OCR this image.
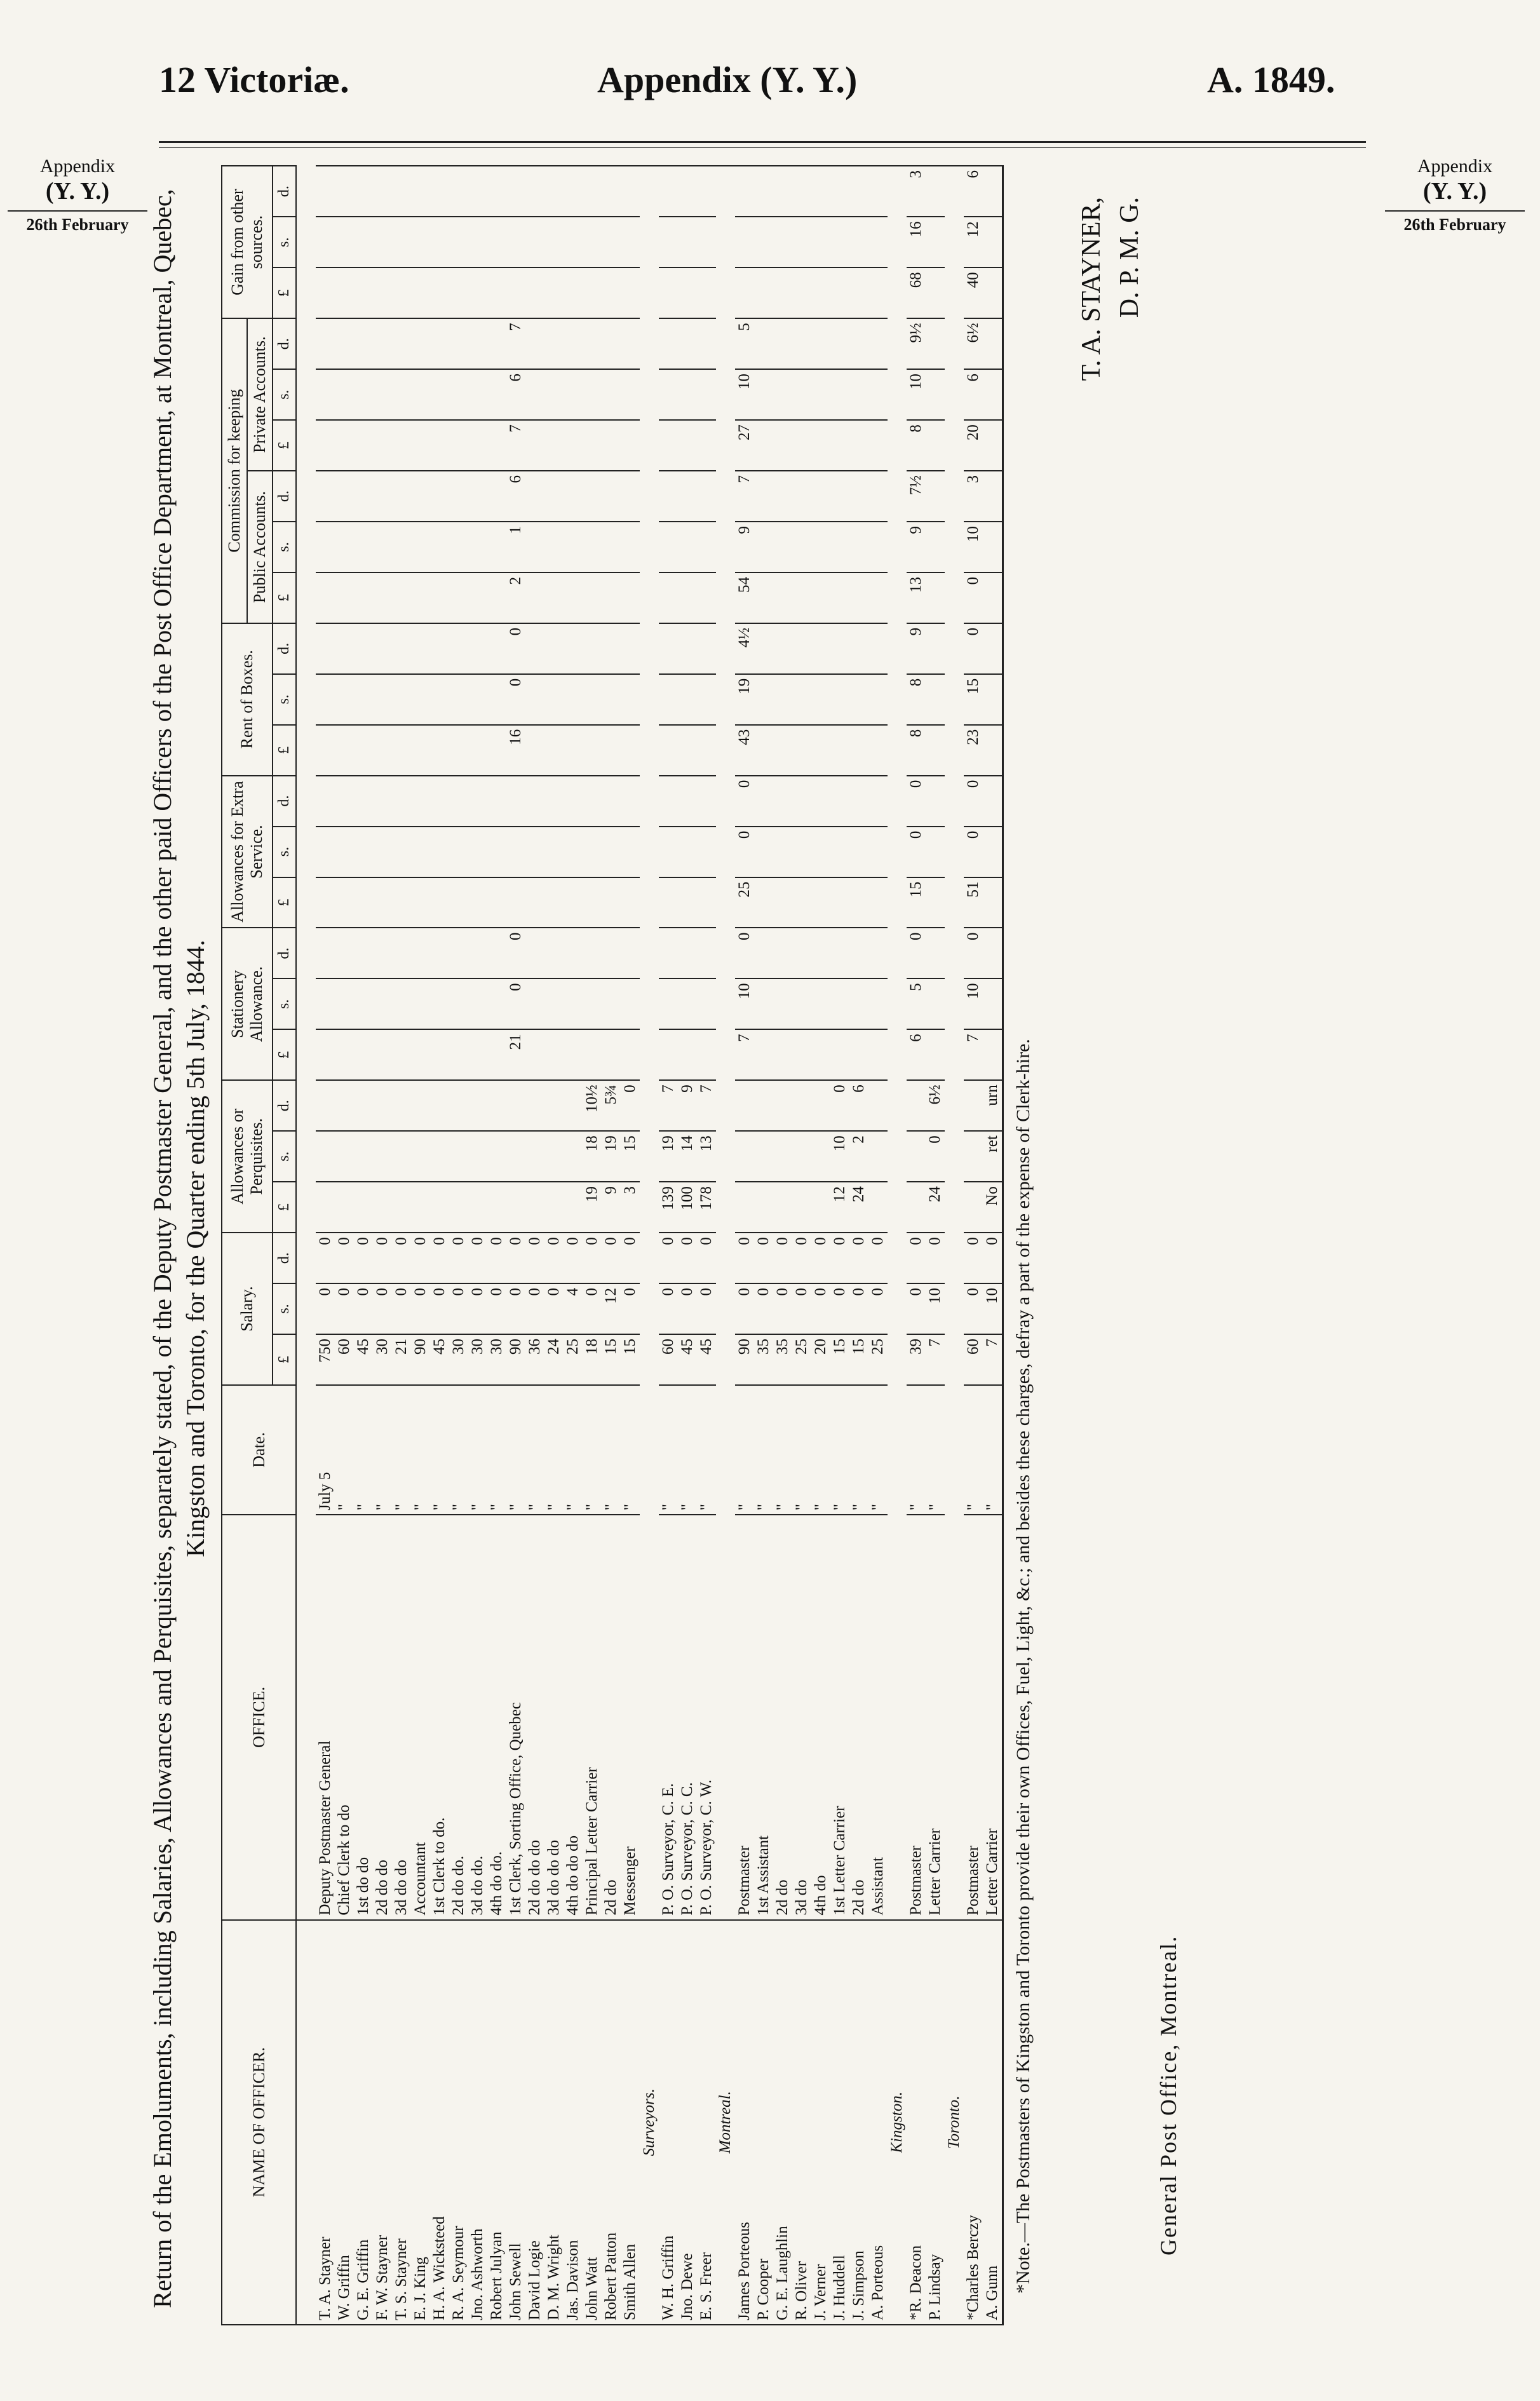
12 Victoriæ.	Appendix (Y. Y.)	A. 1849.
Appendix
(Y. Y.)
26th February
Appendix
(Y. Y.)
26th February
Return of the Emoluments, including Salaries, Allowances and Perquisites, separately stated, of the Deputy Postmaster General, and the other paid Officers of the Post Office Department, at Montreal, Quebec, Kingston and Toronto, for the Quarter ending 5th July, 1844.
NAME OF OFFICER.	OFFICE.	Date.	Salary.			Allowances or Perquisites.			Stationery Allowance.			Allowances for Extra Service.			Rent of Boxes.			Commission for keeping						Gain from other sources.		
																		Public Accounts.			Private Accounts.					
			£	s.	d.	£	s.	d.	£	s.	d.	£	s.	d.	£	s.	d.	£	s.	d.	£	s.	d.	£	s.	d.

T. A. Stayner	Deputy Postmaster General	July 5	750	0	0																					
W. Griffin	Chief Clerk to do	"	60	0	0																					
G. E. Griffin	1st do do	"	45	0	0																					
F. W. Stayner	2d do do	"	30	0	0																					
T. S. Stayner	3d do do	"	21	0	0																					
E. J. King	Accountant	"	90	0	0																					
H. A. Wicksteed	1st Clerk to do.	"	45	0	0																					
R. A. Seymour	2d do do.	"	30	0	0																					
Jno. Ashworth	3d do do.	"	30	0	0																					
Robert Julyan	4th do do.	"	30	0	0																					
John Sewell	1st Clerk, Sorting Office, Quebec	"	90	0	0				21	0	0				16	0	0	2	1	6	7	6	7			
David Logie	2d do do do	"	36	0	0																					
D. M. Wright	3d do do do	"	24	0	0																					
Jas. Davison	4th do do do	"	25	4	0																					
John Watt	Principal Letter Carrier	"	18	0	0	19	18	10½																		
Robert Patton	2d do	"	15	12	0	9	19	5¾																		
Smith Allen	Messenger	"	15	0	0	3	15	0																		
Surveyors.																										
W. H. Griffin	P. O. Surveyor, C. E.	"	60	0	0	139	19	7																		
Jno. Dewe	P. O. Surveyor, C. C.	"	45	0	0	100	14	9																		
E. S. Freer	P. O. Surveyor, C. W.	"	45	0	0	178	13	7																		
Montreal.																										
James Porteous	Postmaster	"	90	0	0				7	10	0	25	0	0	43	19	4½	54	9	7	27	10	5			
P. Cooper	1st Assistant	"	35	0	0																					
G. E. Laughlin	2d do	"	35	0	0																					
R. Oliver	3d do	"	25	0	0																					
J. Verner	4th do	"	20	0	0																					
J. Huddell	1st Letter Carrier	"	15	0	0	12	10	0																		
J. Simpson	2d do	"	15	0	0	24	2	6																		
A. Porteous	Assistant	"	25	0	0																					
Kingston.																										
*R. Deacon	Postmaster	"	39	0	0				6	5	0	15	0	0	8	8	9	13	9	7½	8	10	9½	68	16	3
P. Lindsay	Letter Carrier	"	7	10	0	24	0	6½																		
Toronto.																										
*Charles Berczy	Postmaster	"	60	0	0				7	10	0	51	0	0	23	15	0	0	10	3	20	6	6½	40	12	6
A. Gunn	Letter Carrier	"	7	10	0	No	ret	urn																		*Note.—The Postmasters of Kingston and Toronto provide their own Offices, Fuel, Light, &c.; and besides these charges, defray a part of the expense of Clerk-hire.	General Post Office, Montreal.
T. A. STAYNER, D. P. M. G.
